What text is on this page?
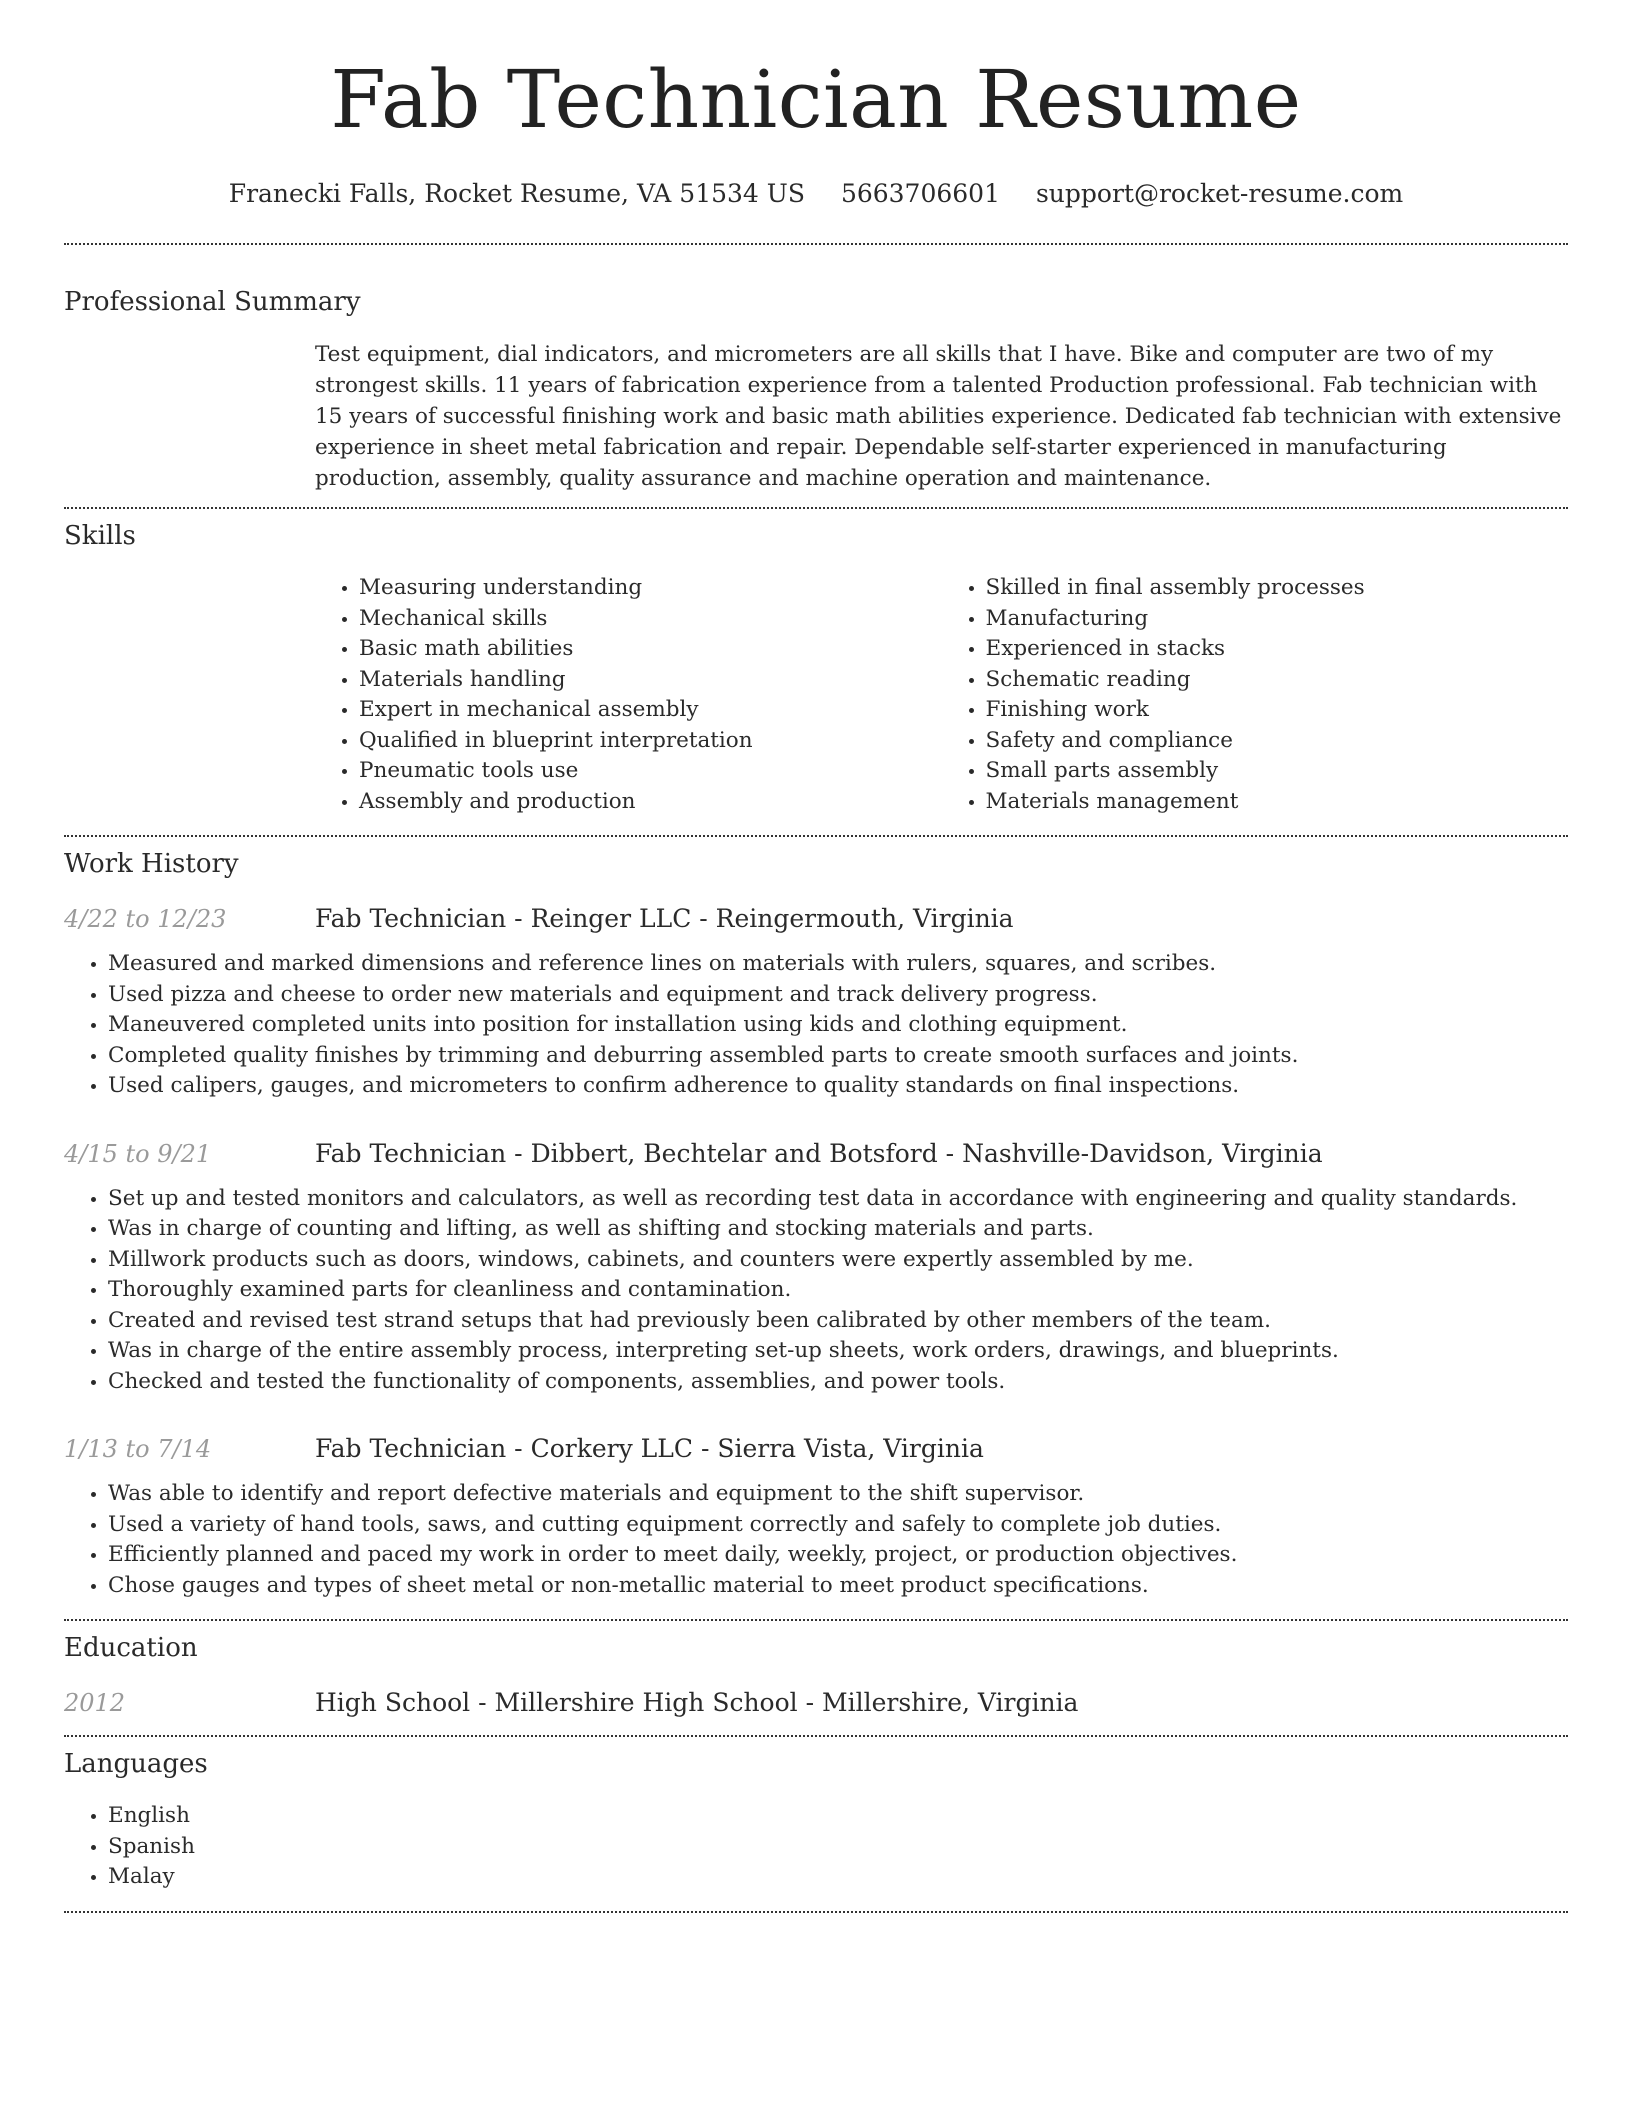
Fab Technician Resume
Franecki Falls, Rocket Resume, VA 51534 US 5663706601 support@rocket-resume.com
Professional Summary
Test equipment, dial indicators, and micrometers are all skills that I have. Bike and computer are two of my strongest skills. 11 years of fabrication experience from a talented Production professional. Fab technician with 15 years of successful finishing work and basic math abilities experience. Dedicated fab technician with extensive experience in sheet metal fabrication and repair. Dependable self-starter experienced in manufacturing production, assembly, quality assurance and machine operation and maintenance.
Skills
• Measuring understanding
• Mechanical skills
• Basic math abilities
• Materials handling
• Expert in mechanical assembly
• Qualified in blueprint interpretation
• Pneumatic tools use
• Assembly and production
• Skilled in final assembly processes
• Manufacturing
• Experienced in stacks
• Schematic reading
• Finishing work
• Safety and compliance
• Small parts assembly
• Materials management
Work History
4/22 to 12/23	Fab Technician - Reinger LLC - Reingermouth, Virginia
• Measured and marked dimensions and reference lines on materials with rulers, squares, and scribes.
• Used pizza and cheese to order new materials and equipment and track delivery progress.
• Maneuvered completed units into position for installation using kids and clothing equipment.
• Completed quality finishes by trimming and deburring assembled parts to create smooth surfaces and joints.
• Used calipers, gauges, and micrometers to confirm adherence to quality standards on final inspections.
4/15 to 9/21	Fab Technician - Dibbert, Bechtelar and Botsford - Nashville-Davidson, Virginia
• Set up and tested monitors and calculators, as well as recording test data in accordance with engineering and quality standards.
• Was in charge of counting and lifting, as well as shifting and stocking materials and parts.
• Millwork products such as doors, windows, cabinets, and counters were expertly assembled by me.
• Thoroughly examined parts for cleanliness and contamination.
• Created and revised test strand setups that had previously been calibrated by other members of the team.
• Was in charge of the entire assembly process, interpreting set-up sheets, work orders, drawings, and blueprints.
• Checked and tested the functionality of components, assemblies, and power tools.
1/13 to 7/14	Fab Technician - Corkery LLC - Sierra Vista, Virginia
• Was able to identify and report defective materials and equipment to the shift supervisor.
• Used a variety of hand tools, saws, and cutting equipment correctly and safely to complete job duties.
• Efficiently planned and paced my work in order to meet daily, weekly, project, or production objectives.
• Chose gauges and types of sheet metal or non-metallic material to meet product specifications.
Education
2012	High School - Millershire High School - Millershire, Virginia
Languages
• English
• Spanish
• Malay
